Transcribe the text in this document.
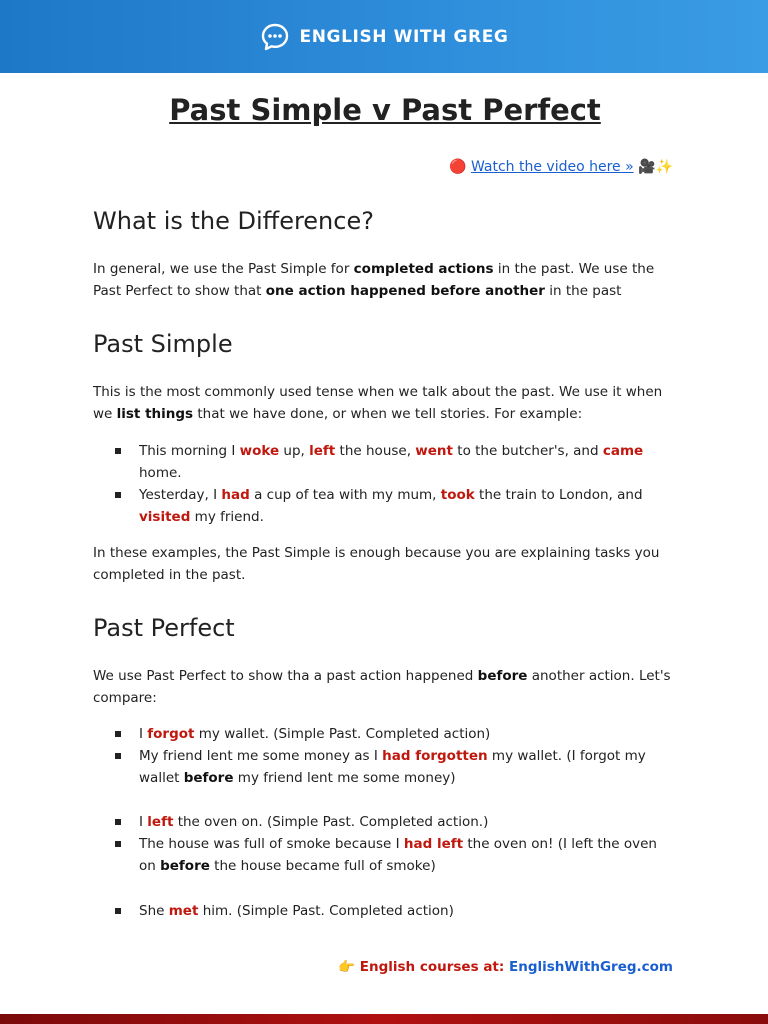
ENGLISH WITH GREG
Past Simple v Past Perfect
🔴 Watch the video here » 🎥✨
What is the Difference?

In general, we use the Past Simple for completed actions in the past. We use the Past Perfect to show that one action happened before another in the past

Past Simple

This is the most commonly used tense when we talk about the past. We use it when we list things that we have done, or when we tell stories. For example:

This morning I woke up, left the house, went to the butcher's, and came home.
Yesterday, I had a cup of tea with my mum, took the train to London, and visited my friend.

In these examples, the Past Simple is enough because you are explaining tasks you completed in the past.

Past Perfect

We use Past Perfect to show tha a past action happened before another action. Let's compare:

I forgot my wallet. (Simple Past. Completed action)
My friend lent me some money as I had forgotten my wallet. (I forgot my wallet before my friend lent me some money)
I left the oven on. (Simple Past. Completed action.)
The house was full of smoke because I had left the oven on! (I left the oven on before the house became full of smoke)
She met him. (Simple Past. Completed action)
👉 English courses at: EnglishWithGreg.com
